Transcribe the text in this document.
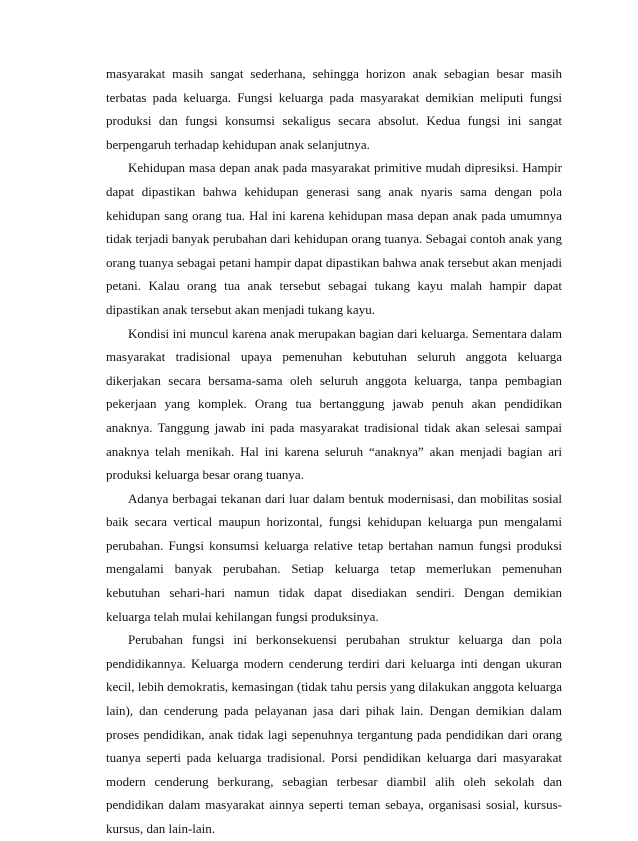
masyarakat masih sangat sederhana, sehingga horizon anak sebagian besar masih terbatas pada keluarga. Fungsi keluarga pada masyarakat demikian meliputi fungsi produksi dan fungsi konsumsi sekaligus secara absolut. Kedua fungsi ini sangat berpengaruh terhadap kehidupan anak selanjutnya.

Kehidupan masa depan anak pada masyarakat primitive mudah dipresiksi. Hampir dapat dipastikan bahwa kehidupan generasi sang anak nyaris sama dengan pola kehidupan sang orang tua. Hal ini karena kehidupan masa depan anak pada umumnya tidak terjadi banyak perubahan dari kehidupan orang tuanya. Sebagai contoh anak yang orang tuanya sebagai petani hampir dapat dipastikan bahwa anak tersebut akan menjadi petani. Kalau orang tua anak tersebut sebagai tukang kayu malah hampir dapat dipastikan anak tersebut akan menjadi tukang kayu.

Kondisi ini muncul karena anak merupakan bagian dari keluarga. Sementara dalam masyarakat tradisional upaya pemenuhan kebutuhan seluruh anggota keluarga dikerjakan secara bersama-sama oleh seluruh anggota keluarga, tanpa pembagian pekerjaan yang komplek. Orang tua bertanggung jawab penuh akan pendidikan anaknya. Tanggung jawab ini pada masyarakat tradisional tidak akan selesai sampai anaknya telah menikah. Hal ini karena seluruh “anaknya” akan menjadi bagian ari produksi keluarga besar orang tuanya.

Adanya berbagai tekanan dari luar dalam bentuk modernisasi, dan mobilitas sosial baik secara vertical maupun horizontal, fungsi kehidupan keluarga pun mengalami perubahan. Fungsi konsumsi keluarga relative tetap bertahan namun fungsi produksi mengalami banyak perubahan. Setiap keluarga tetap memerlukan pemenuhan kebutuhan sehari-hari namun tidak dapat disediakan sendiri. Dengan demikian keluarga telah mulai kehilangan fungsi produksinya.

Perubahan fungsi ini berkonsekuensi perubahan struktur keluarga dan pola pendidikannya. Keluarga modern cenderung terdiri dari keluarga inti dengan ukuran kecil, lebih demokratis, kemasingan (tidak tahu persis yang dilakukan anggota keluarga lain), dan cenderung pada pelayanan jasa dari pihak lain. Dengan demikian dalam proses pendidikan, anak tidak lagi sepenuhnya tergantung pada pendidikan dari orang tuanya seperti pada keluarga tradisional. Porsi pendidikan keluarga dari masyarakat modern cenderung berkurang, sebagian terbesar diambil alih oleh sekolah dan pendidikan dalam masyarakat ainnya seperti teman sebaya, organisasi sosial, kursus-kursus, dan lain-lain.
